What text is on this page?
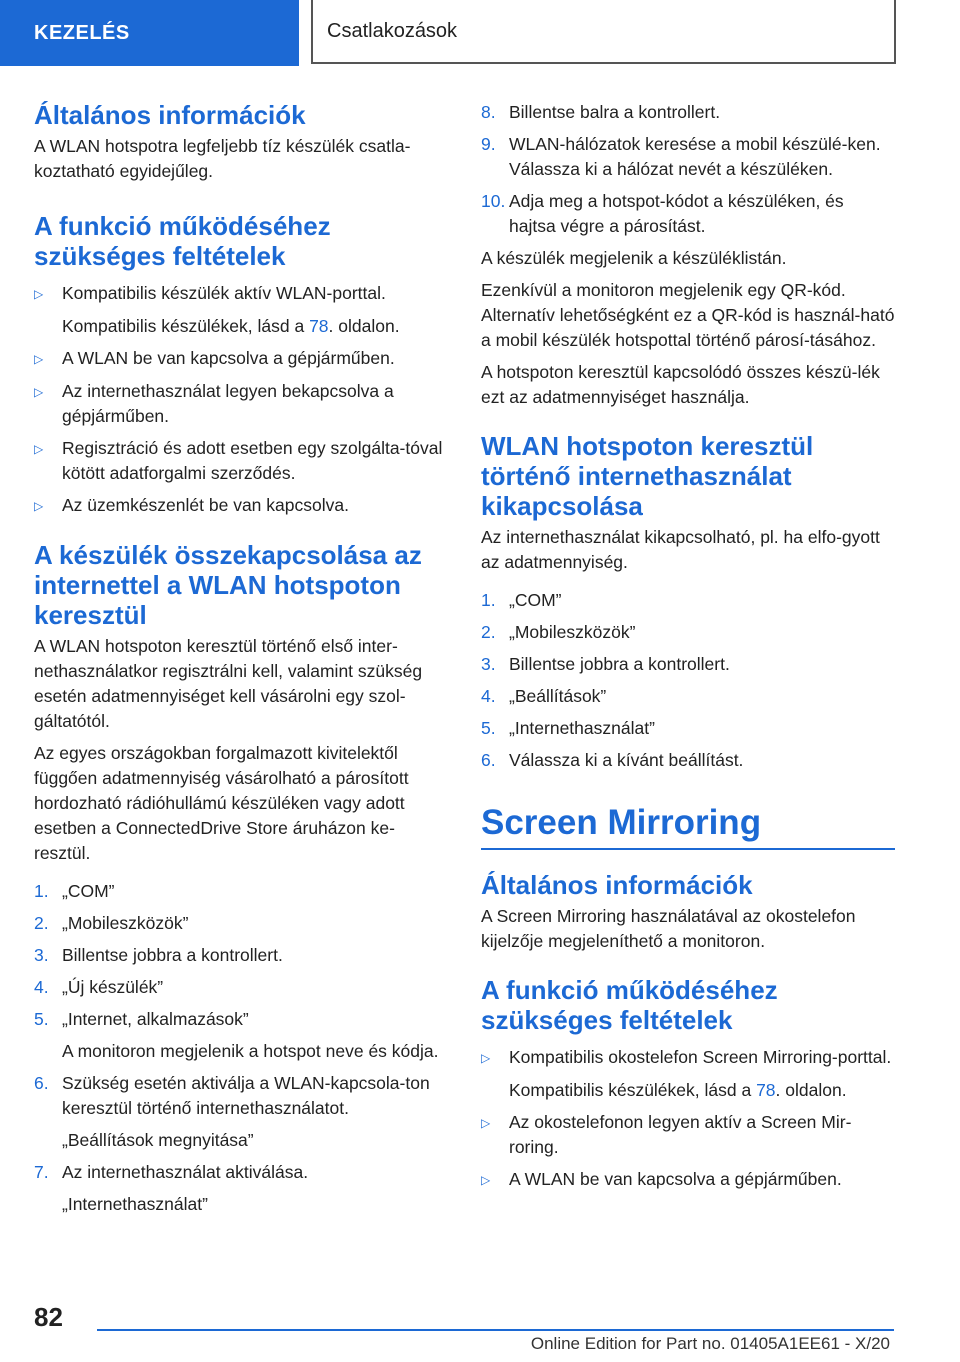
KEZELÉS	Csatlakozások
Általános információk

A WLAN hotspotra legfeljebb tíz készülék csatla-koztatható egyidejűleg.

A funkció működéséhez szükséges feltételek
▷	Kompatibilis készülék aktív WLAN-porttal.
Kompatibilis készülékek, lásd a 78. oldalon.
▷	A WLAN be van kapcsolva a gépjárműben.
▷	Az internethasználat legyen bekapcsolva a gépjárműben.
▷	Regisztráció és adott esetben egy szolgálta-tóval kötött adatforgalmi szerződés.
▷	Az üzemkészenlét be van kapcsolva.
A készülék összekapcsolása az internettel a WLAN hotspoton keresztül

A WLAN hotspoton keresztül történő első inter-nethasználatkor regisztrálni kell, valamint szükség esetén adatmennyiséget kell vásárolni egy szol-gáltatótól.

Az egyes országokban forgalmazott kivitelektől függően adatmennyiség vásárolható a párosított hordozható rádióhullámú készüléken vagy adott esetben a ConnectedDrive Store áruházon ke-resztül.

1. „COM”
2. „Mobileszközök”
3. Billentse jobbra a kontrollert.
4. „Új készülék”
5. „Internet, alkalmazások”
A monitoron megjelenik a hotspot neve és kódja.
6. Szükség esetén aktiválja a WLAN-kapcsola-ton keresztül történő internethasználatot.
„Beállítások megnyitása”
7. Az internethasználat aktiválása.
„Internethasználat”
8. Billentse balra a kontrollert.
9. WLAN-hálózatok keresése a mobil készülé-ken. Válassza ki a hálózat nevét a készüléken.
10. Adja meg a hotspot-kódot a készüléken, és hajtsa végre a párosítást.

A készülék megjelenik a készüléklistán.

Ezenkívül a monitoron megjelenik egy QR-kód. Alternatív lehetőségként ez a QR-kód is használ-ható a mobil készülék hotspottal történő párosí-tásához.

A hotspoton keresztül kapcsolódó összes készü-lék ezt az adatmennyiséget használja.

WLAN hotspoton keresztül történő internethasználat kikapcsolása

Az internethasználat kikapcsolható, pl. ha elfo-gyott az adatmennyiség.

1. „COM”
2. „Mobileszközök”
3. Billentse jobbra a kontrollert.
4. „Beállítások”
5. „Internethasználat”
6. Válassza ki a kívánt beállítást.
Screen Mirroring
Általános információk

A Screen Mirroring használatával az okostelefon kijelzője megjeleníthető a monitoron.

A funkció működéséhez szükséges feltételek
▷	Kompatibilis okostelefon Screen Mirroring-porttal.
Kompatibilis készülékek, lásd a 78. oldalon.
▷	Az okostelefonon legyen aktív a Screen Mir-roring.
▷	A WLAN be van kapcsolva a gépjárműben.
82
Online Edition for Part no. 01405A1EE61 - X/20
